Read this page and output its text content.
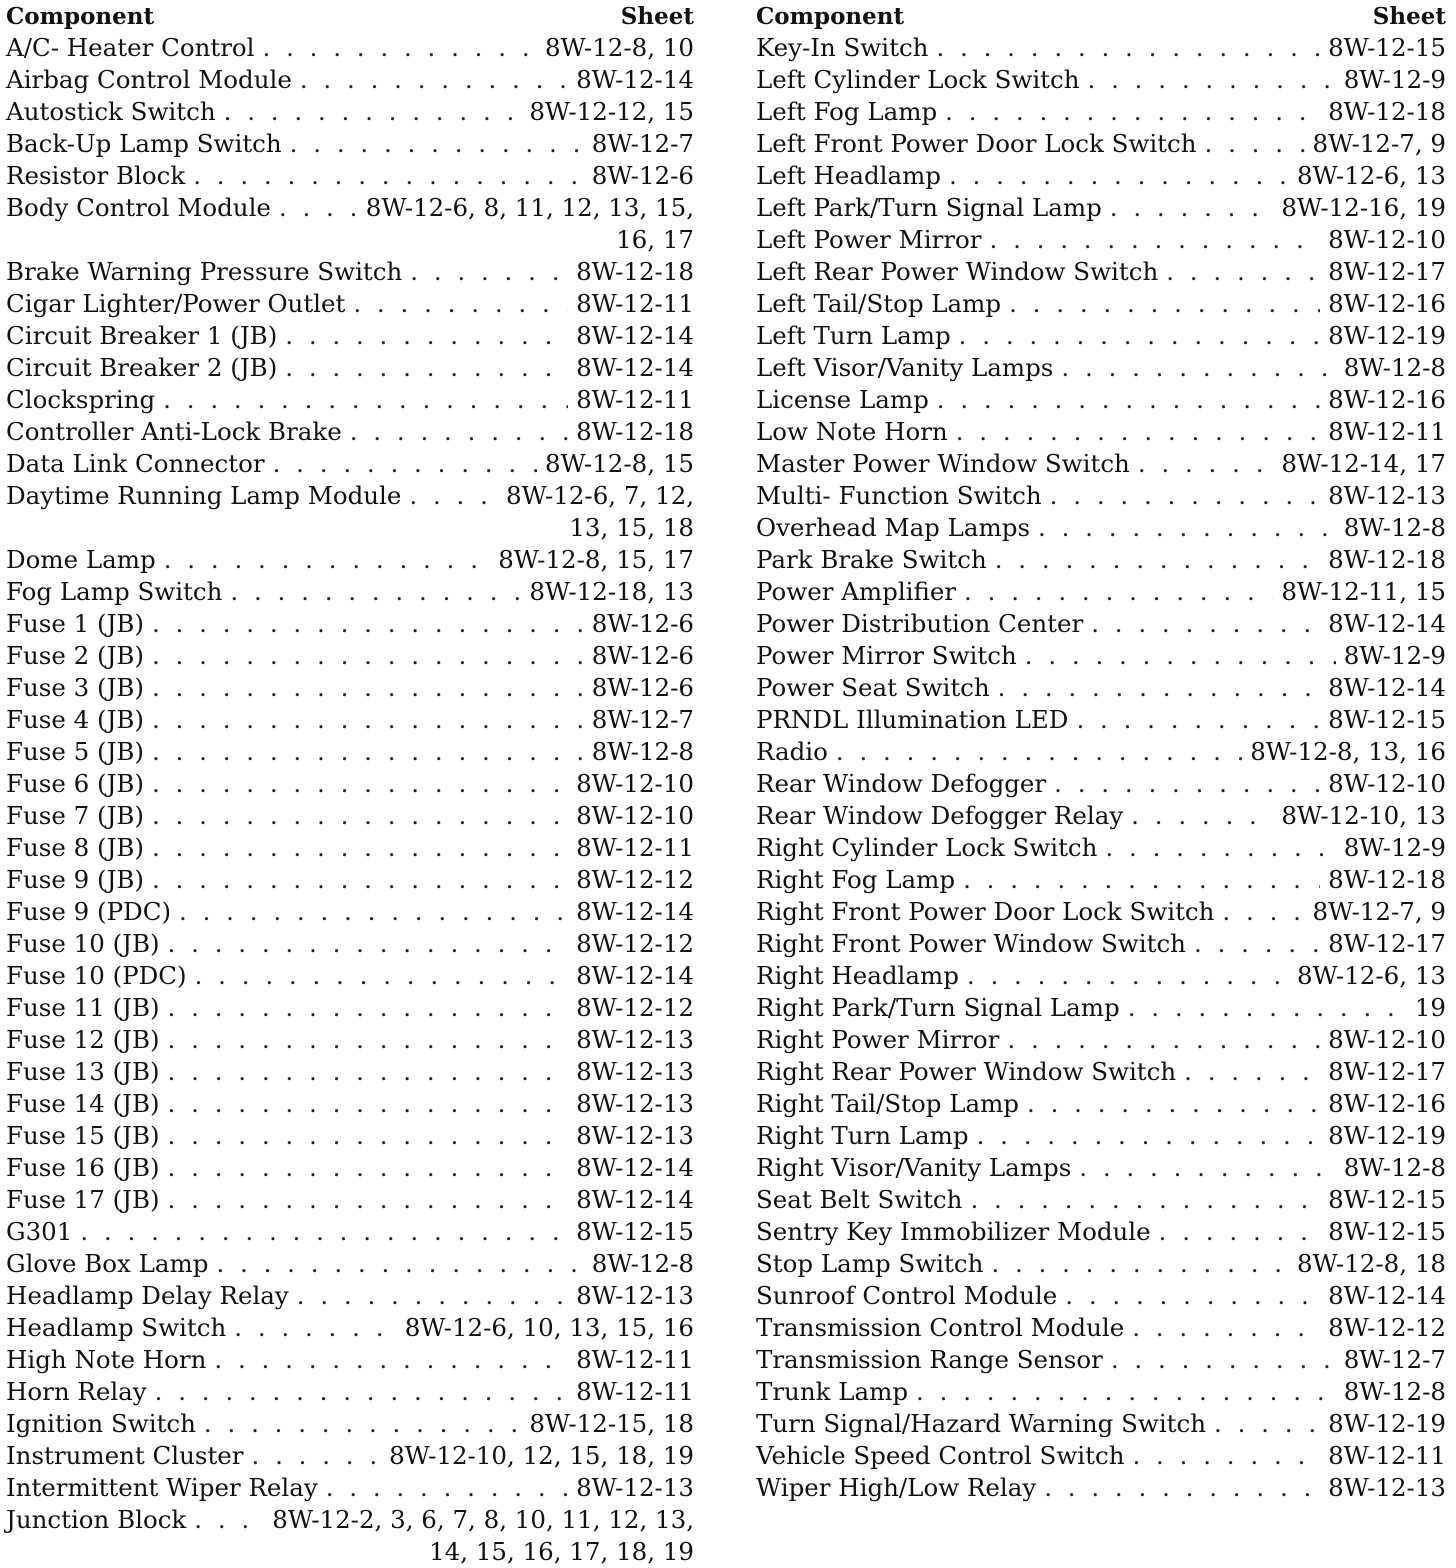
Component	Sheet
A/C- Heater Control . . .	8W-12-8, 10
Airbag Control Module . . .	8W-12-14
Autostick Switch . . .	8W-12-12, 15
Back-Up Lamp Switch . . .	8W-12-7
Resistor Block . . .	8W-12-6
Body Control Module . . .	8W-12-6, 8, 11, 12, 13, 15,
16, 17
Brake Warning Pressure Switch . . .	8W-12-18
Cigar Lighter/Power Outlet . . .	8W-12-11
Circuit Breaker 1 (JB) . . .	8W-12-14
Circuit Breaker 2 (JB) . . .	8W-12-14
Clockspring . . .	8W-12-11
Controller Anti-Lock Brake . . .	8W-12-18
Data Link Connector . . .	8W-12-8, 15
Daytime Running Lamp Module . . .	8W-12-6, 7, 12,
13, 15, 18
Dome Lamp . . .	8W-12-8, 15, 17
Fog Lamp Switch . . .	8W-12-18, 13
Fuse 1 (JB) . . .	8W-12-6
Fuse 2 (JB) . . .	8W-12-6
Fuse 3 (JB) . . .	8W-12-6
Fuse 4 (JB) . . .	8W-12-7
Fuse 5 (JB) . . .	8W-12-8
Fuse 6 (JB) . . .	8W-12-10
Fuse 7 (JB) . . .	8W-12-10
Fuse 8 (JB) . . .	8W-12-11
Fuse 9 (JB) . . .	8W-12-12
Fuse 9 (PDC) . . .	8W-12-14
Fuse 10 (JB) . . .	8W-12-12
Fuse 10 (PDC) . . .	8W-12-14
Fuse 11 (JB) . . .	8W-12-12
Fuse 12 (JB) . . .	8W-12-13
Fuse 13 (JB) . . .	8W-12-13
Fuse 14 (JB) . . .	8W-12-13
Fuse 15 (JB) . . .	8W-12-13
Fuse 16 (JB) . . .	8W-12-14
Fuse 17 (JB) . . .	8W-12-14
G301 . . .	8W-12-15
Glove Box Lamp . . .	8W-12-8
Headlamp Delay Relay . . .	8W-12-13
Headlamp Switch . . .	8W-12-6, 10, 13, 15, 16
High Note Horn . . .	8W-12-11
Horn Relay . . .	8W-12-11
Ignition Switch . . .	8W-12-15, 18
Instrument Cluster . . .	8W-12-10, 12, 15, 18, 19
Intermittent Wiper Relay . . .	8W-12-13
Junction Block . . .	8W-12-2, 3, 6, 7, 8, 10, 11, 12, 13,
14, 15, 16, 17, 18, 19
Component	Sheet
Key-In Switch . . .	8W-12-15
Left Cylinder Lock Switch . . .	8W-12-9
Left Fog Lamp . . .	8W-12-18
Left Front Power Door Lock Switch . . .	8W-12-7, 9
Left Headlamp . . .	8W-12-6, 13
Left Park/Turn Signal Lamp . . .	8W-12-16, 19
Left Power Mirror . . .	8W-12-10
Left Rear Power Window Switch . . .	8W-12-17
Left Tail/Stop Lamp . . .	8W-12-16
Left Turn Lamp . . .	8W-12-19
Left Visor/Vanity Lamps . . .	8W-12-8
License Lamp . . .	8W-12-16
Low Note Horn . . .	8W-12-11
Master Power Window Switch . . .	8W-12-14, 17
Multi- Function Switch . . .	8W-12-13
Overhead Map Lamps . . .	8W-12-8
Park Brake Switch . . .	8W-12-18
Power Amplifier . . .	8W-12-11, 15
Power Distribution Center . . .	8W-12-14
Power Mirror Switch . . .	8W-12-9
Power Seat Switch . . .	8W-12-14
PRNDL Illumination LED . . .	8W-12-15
Radio . . .	8W-12-8, 13, 16
Rear Window Defogger . . .	8W-12-10
Rear Window Defogger Relay . . .	8W-12-10, 13
Right Cylinder Lock Switch . . .	8W-12-9
Right Fog Lamp . . .	8W-12-18
Right Front Power Door Lock Switch . . .	8W-12-7, 9
Right Front Power Window Switch . . .	8W-12-17
Right Headlamp . . .	8W-12-6, 13
Right Park/Turn Signal Lamp . . .	19
Right Power Mirror . . .	8W-12-10
Right Rear Power Window Switch . . .	8W-12-17
Right Tail/Stop Lamp . . .	8W-12-16
Right Turn Lamp . . .	8W-12-19
Right Visor/Vanity Lamps . . .	8W-12-8
Seat Belt Switch . . .	8W-12-15
Sentry Key Immobilizer Module . . .	8W-12-15
Stop Lamp Switch . . .	8W-12-8, 18
Sunroof Control Module . . .	8W-12-14
Transmission Control Module . . .	8W-12-12
Transmission Range Sensor . . .	8W-12-7
Trunk Lamp . . .	8W-12-8
Turn Signal/Hazard Warning Switch . . .	8W-12-19
Vehicle Speed Control Switch . . .	8W-12-11
Wiper High/Low Relay . . .	8W-12-13
